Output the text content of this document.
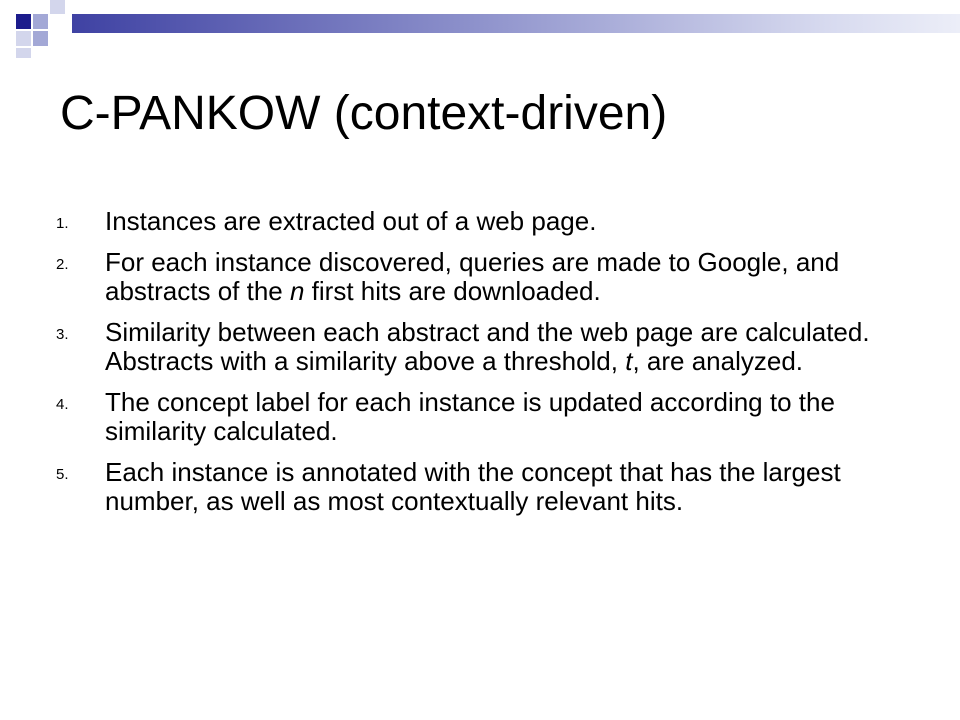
C-PANKOW (context-driven)
1. Instances are extracted out of a web page.
2. For each instance discovered, queries are made to Google, and abstracts of the n first hits are downloaded.
3. Similarity between each abstract and the web page are calculated. Abstracts with a similarity above a threshold, t, are analyzed.
4. The concept label for each instance is updated according to the similarity calculated.
5. Each instance is annotated with the concept that has the largest number, as well as most contextually relevant hits.
